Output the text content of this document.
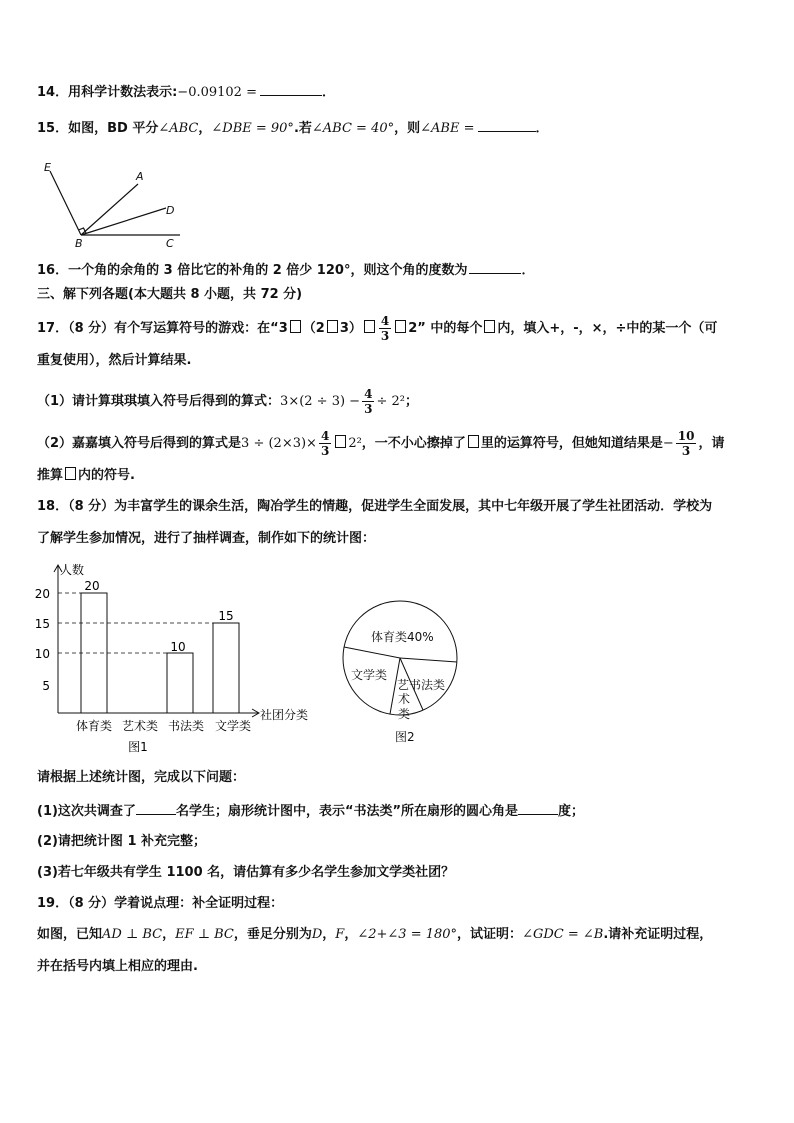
14．用科学计数法表示:−0.09102 =	．
15．如图，BD 平分∠ABC，∠DBE = 90°.若∠ABC = 40°，则∠ABE =	．
E
A
D
B	C
16．一个角的余角的 3 倍比它的补角的 2 倍少 120°，则这个角的度数为	．
三、解下列各题(本大题共 8 小题，共 72 分)
17．（8 分）有个写运算符号的游戏：在“3 （2 $3) \frac{4}{3} 2$” 中的每个 内，填入+，-，×，÷中的某一个（可
重复使用），然后计算结果.
（1）请计算琪琪填入符号后得到的算式：$3\times(2 \div 3) - \frac{4}{3} \div 2^2$；
（2）嘉嘉填入符号后得到的算式是$3 \div (2\times 3)\times \frac{4}{3} 2^2$，一不小心擦掉了 里的运算符号，但她知道结果是− $\frac{10}{3}$ ，请
推算 内的符号.
18．（8 分）为丰富学生的课余生活，陶冶学生的情趣，促进学生全面发展，其中七年级开展了学生社团活动．学校为
了解学生参加情况，进行了抽样调查，制作如下的统计图：
人数
社团分类
5
10
15
20
体育类 艺术类 书法类 文学类
图1
20
10
15
体育类40%
文学类
艺书法类
术
类
图2
请根据上述统计图，完成以下问题：
(1)这次共调查了	名学生；扇形统计图中，表示“书法类”所在扇形的圆心角是	度；
(2)请把统计图 1 补充完整；
(3)若七年级共有学生 1100 名，请估算有多少名学生参加文学类社团？
19．（8 分）学着说点理：补全证明过程：
如图，已知AD ⊥ BC，EF ⊥ BC，垂足分别为D，F，∠2+∠3 = 180°，试证明：∠GDC = ∠B.请补充证明过程，
并在括号内填上相应的理由.
